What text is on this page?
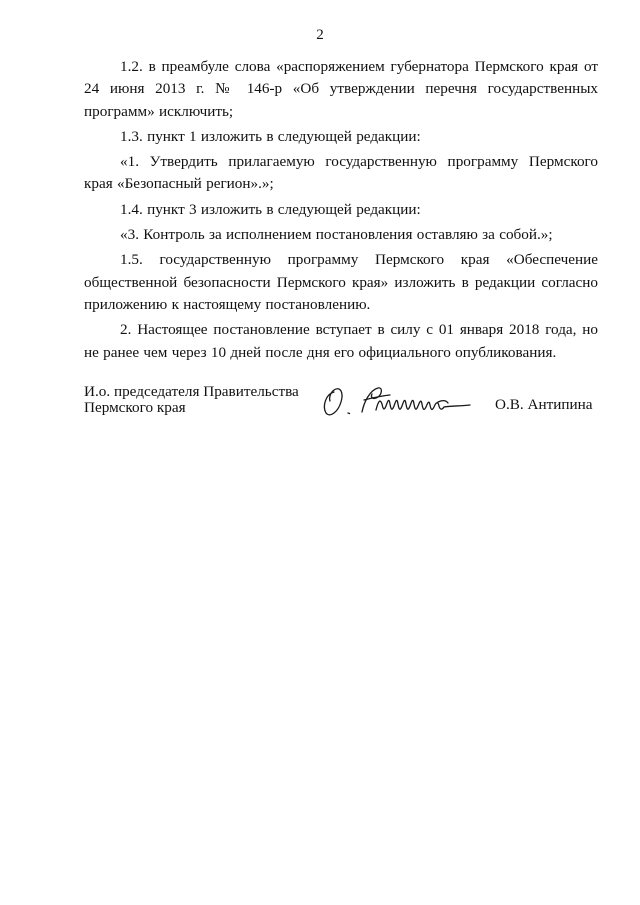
2

1.2. в преамбуле слова «распоряжением губернатора Пермского края от 24 июня 2013 г. № 146-р «Об утверждении перечня государственных программ» исключить;

1.3. пункт 1 изложить в следующей редакции:

«1. Утвердить прилагаемую государственную программу Пермского края «Безопасный регион».»;

1.4. пункт 3 изложить в следующей редакции:

«3. Контроль за исполнением постановления оставляю за собой.»;

1.5. государственную программу Пермского края «Обеспечение общественной безопасности Пермского края» изложить в редакции согласно приложению к настоящему постановлению.

2. Настоящее постановление вступает в силу с 01 января 2018 года, но не ранее чем через 10 дней после дня его официального опубликования.

И.о. председателя Правительства
Пермского края	О.В. Антипина
